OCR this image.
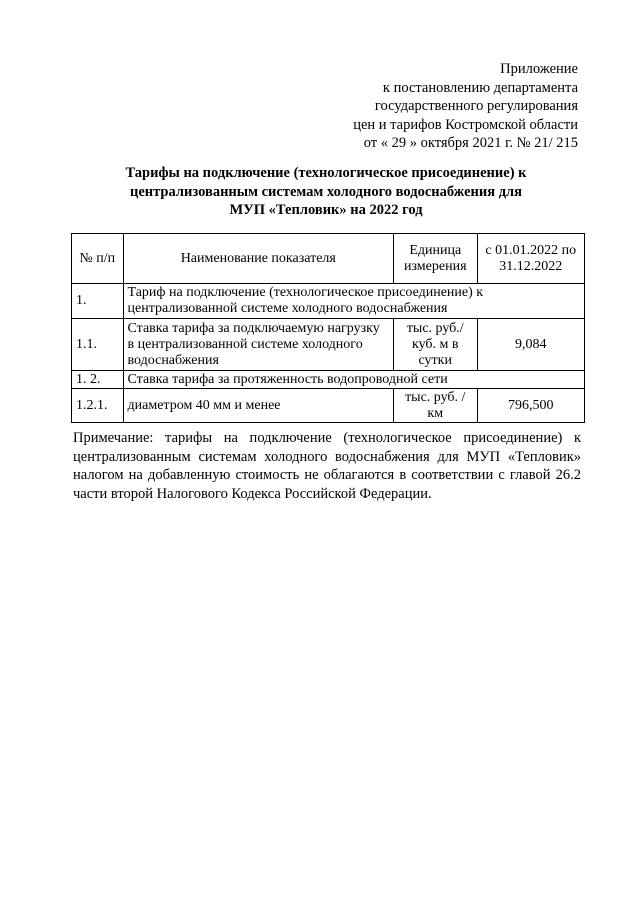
Приложение
к постановлению департамента
государственного регулирования
цен и тарифов Костромской области
от « 29 » октября 2021 г. № 21/ 215
Тарифы на подключение (технологическое присоединение) к
централизованным системам холодного водоснабжения для
МУП «Тепловик» на 2022 год
№ п/п	Наименование показателя	Единица измерения	с 01.01.2022 по 31.12.2022
1.	Тариф на подключение (технологическое присоединение) к централизованной системе холодного водоснабжения		
1.1.	Ставка тарифа за подключаемую нагрузку в централизованной системе холодного водоснабжения	тыс. руб./ куб. м в сутки	9,084
1. 2.	Ставка тарифа за протяженность водопроводной сети		
1.2.1.	диаметром 40 мм и менее	тыс. руб. /км	796,500
Примечание: тарифы на подключение (технологическое присоединение) к централизованным системам холодного водоснабжения для МУП «Тепловик» налогом на добавленную стоимость не облагаются в соответствии с главой 26.2 части второй Налогового Кодекса Российской Федерации.
